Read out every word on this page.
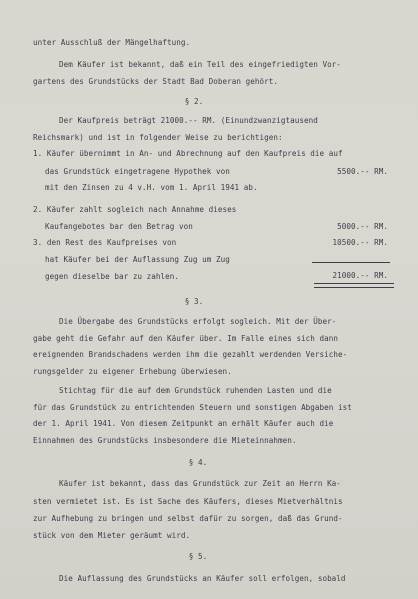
unter Ausschluß der Mängelhaftung.
Dem Käufer ist bekannt, daß ein Teil des eingefriedigten Vor-
gartens des Grundstücks der Stadt Bad Doberan gehört.
§ 2.
Der Kaufpreis beträgt 21000.-- RM. (Einundzwanzigtausend
Reichsmark) und ist in folgender Weise zu berichtigen:
1. Käufer übernimmt in An- und Abrechnung auf den Kaufpreis die auf
das Grundstück eingetragene Hypothek von	5500.-- RM.
mit den Zinsen zu 4 v.H. vom 1. April 1941 ab.
2. Käufer zahlt sogleich nach Annahme dieses
Kaufangebotes bar den Betrag von	5000.-- RM.
3. den Rest des Kaufpreises von	10500.-- RM.
hat Käufer bei der Auflassung Zug um Zug
gegen dieselbe bar zu zahlen.	21000.-- RM.
§ 3.
Die Übergabe des Grundstücks erfolgt sogleich. Mit der Über-
gabe geht die Gefahr auf den Käufer über. Im Falle eines sich dann
ereignenden Brandschadens werden ihm die gezahlt werdenden Versiche-
rungsgelder zu eigener Erhebung überwiesen.
Stichtag für die auf dem Grundstück ruhenden Lasten und die
für das Grundstück zu entrichtenden Steuern und sonstigen Abgaben ist
der 1. April 1941. Von diesem Zeitpunkt an erhält Käufer auch die
Einnahmen des Grundstücks insbesondere die Mieteinnahmen.
§ 4.
Käufer ist bekannt, dass das Grundstück zur Zeit an Herrn Ka-
sten vermietet ist. Es ist Sache des Käufers, dieses Mietverhältnis
zur Aufhebung zu bringen und selbst dafür zu sorgen, daß das Grund-
stück von dem Mieter geräumt wird.
§ 5.
Die Auflassung des Grundstücks an Käufer soll erfolgen, sobald
